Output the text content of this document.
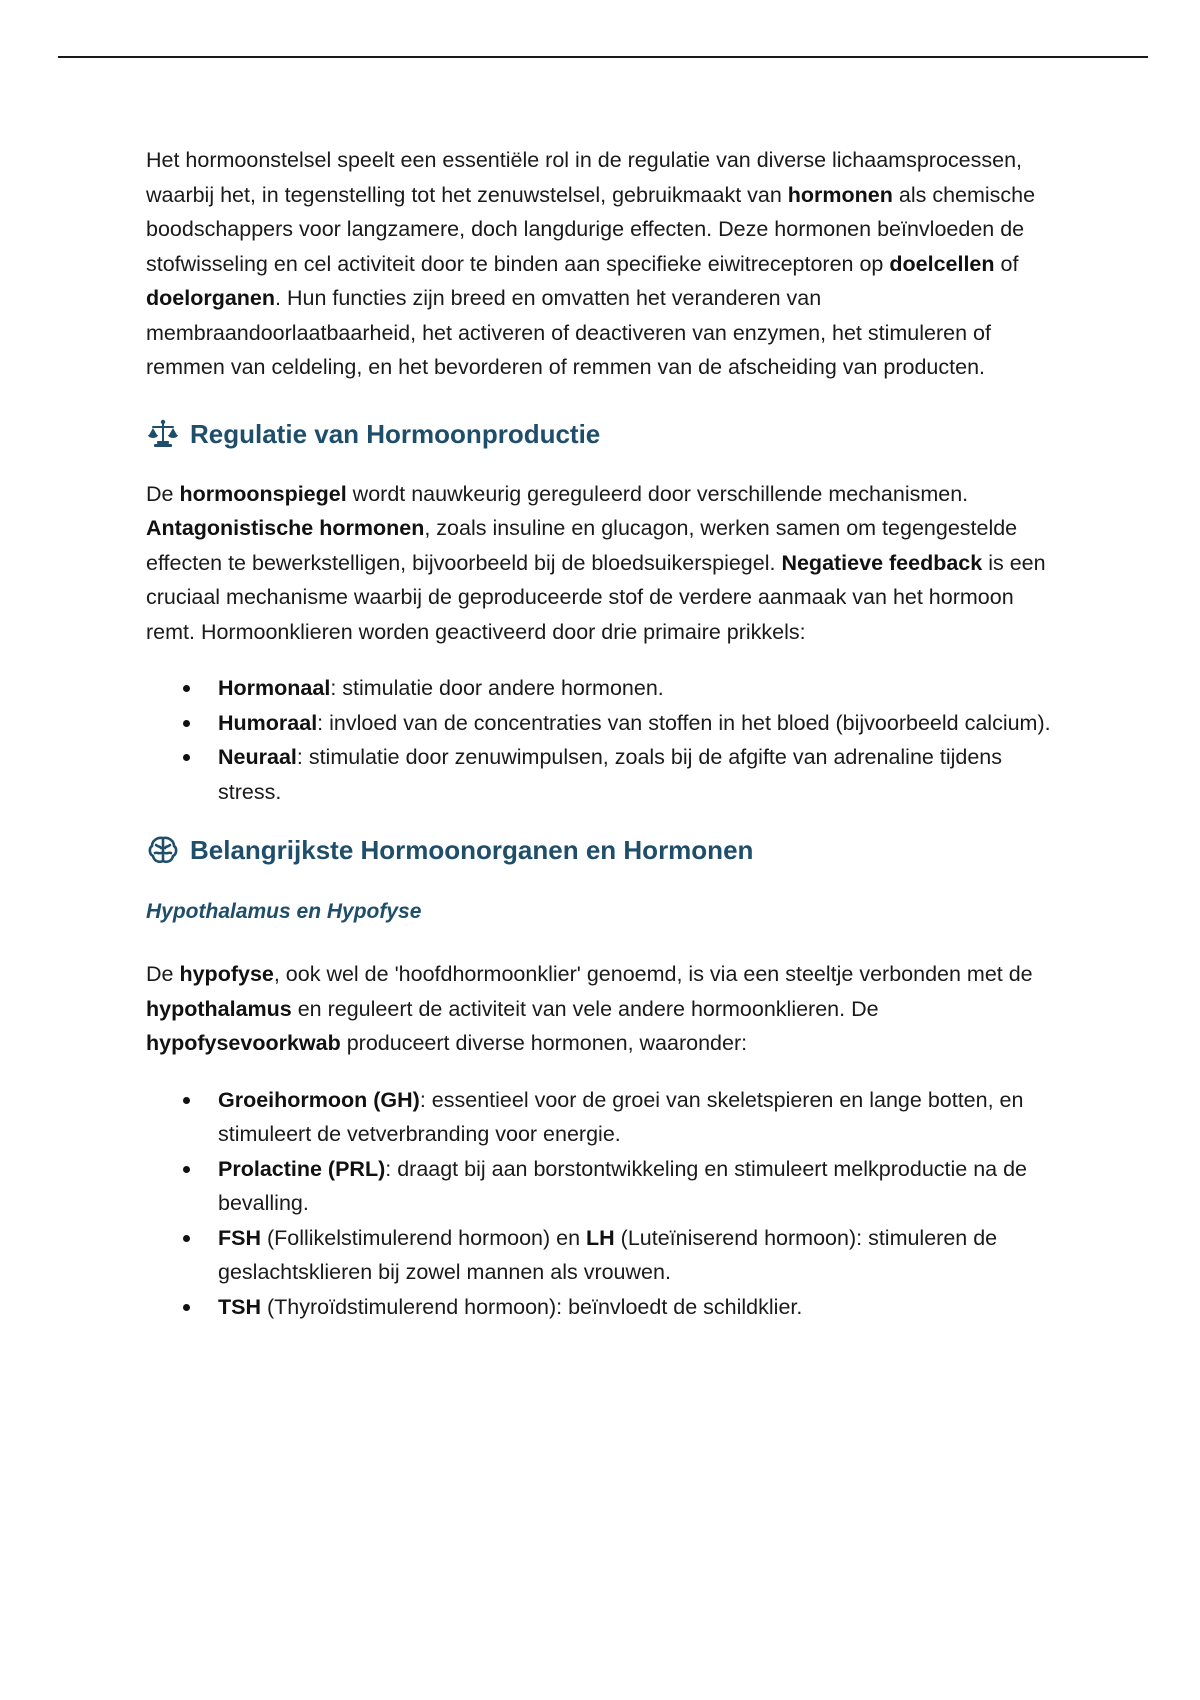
Het hormoonstelsel speelt een essentiële rol in de regulatie van diverse lichaamsprocessen, waarbij het, in tegenstelling tot het zenuwstelsel, gebruikmaakt van hormonen als chemische boodschappers voor langzamere, doch langdurige effecten. Deze hormonen beïnvloeden de stofwisseling en cel activiteit door te binden aan specifieke eiwitreceptoren op doelcellen of doelorganen. Hun functies zijn breed en omvatten het veranderen van membraandoorlaatbaarheid, het activeren of deactiveren van enzymen, het stimuleren of remmen van celdeling, en het bevorderen of remmen van de afscheiding van producten.

Regulatie van Hormoonproductie

De hormoonspiegel wordt nauwkeurig gereguleerd door verschillende mechanismen. Antagonistische hormonen, zoals insuline en glucagon, werken samen om tegengestelde effecten te bewerkstelligen, bijvoorbeeld bij de bloedsuikerspiegel. Negatieve feedback is een cruciaal mechanisme waarbij de geproduceerde stof de verdere aanmaak van het hormoon remt. Hormoonklieren worden geactiveerd door drie primaire prikkels:

Hormonaal: stimulatie door andere hormonen.
Humoraal: invloed van de concentraties van stoffen in het bloed (bijvoorbeeld calcium).
Neuraal: stimulatie door zenuwimpulsen, zoals bij de afgifte van adrenaline tijdens stress.
Belangrijkste Hormoonorganen en Hormonen
Hypothalamus en Hypofyse

De hypofyse, ook wel de 'hoofdhormoonklier' genoemd, is via een steeltje verbonden met de hypothalamus en reguleert de activiteit van vele andere hormoonklieren. De hypofysevoorkwab produceert diverse hormonen, waaronder:

Groeihormoon (GH): essentieel voor de groei van skeletspieren en lange botten, en stimuleert de vetverbranding voor energie.
Prolactine (PRL): draagt bij aan borstontwikkeling en stimuleert melkproductie na de bevalling.
FSH (Follikelstimulerend hormoon) en LH (Luteïniserend hormoon): stimuleren de geslachtsklieren bij zowel mannen als vrouwen.
TSH (Thyroïdstimulerend hormoon): beïnvloedt de schildklier.
